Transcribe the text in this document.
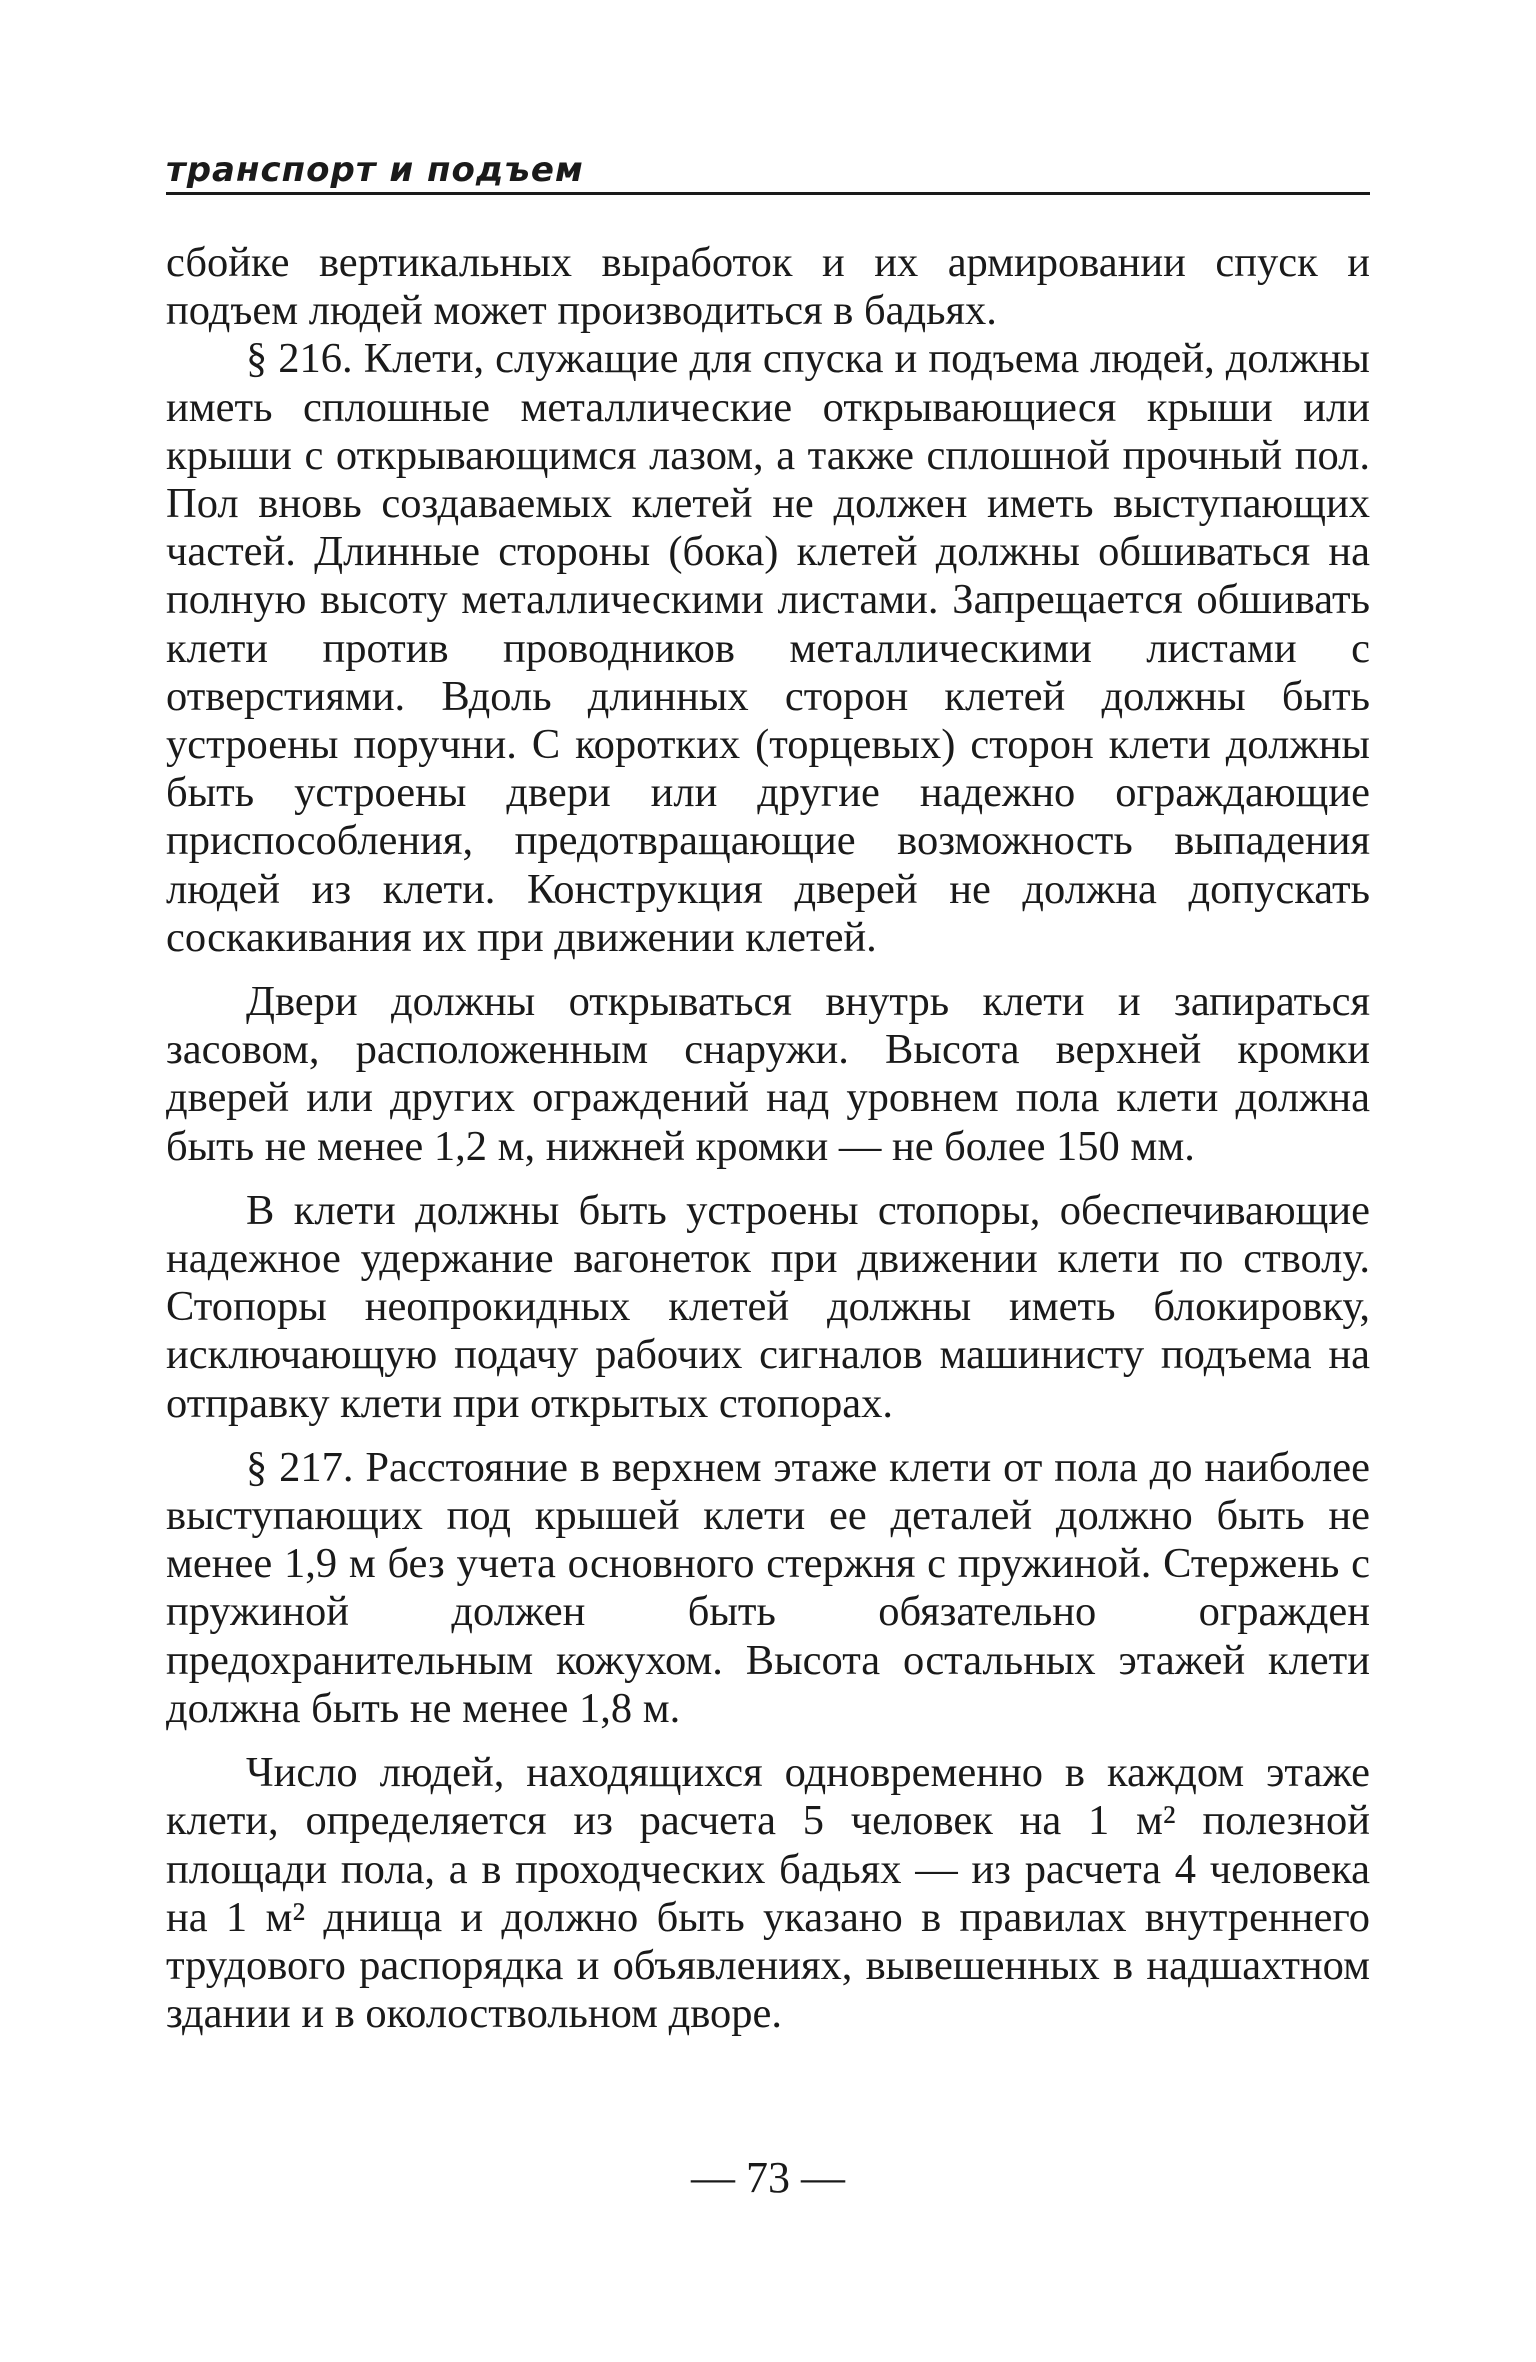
транспорт и подъем

сбойке вертикальных выработок и их армировании спуск и подъем людей может производиться в бадьях.

§ 216. Клети, служащие для спуска и подъема людей, должны иметь сплошные металлические открывающиеся крыши или крыши с открывающимся лазом, а также сплошной прочный пол. Пол вновь создаваемых клетей не должен иметь выступающих частей. Длинные стороны (бока) клетей должны обшиваться на полную высоту металлическими листами. Запрещается обшивать клети против проводников металлическими листами с отверстиями. Вдоль длинных сторон клетей должны быть устроены поручни. С коротких (торцевых) сторон клети должны быть устроены двери или другие надежно ограждающие приспособления, предотвращающие возможность выпадения людей из клети. Конструкция дверей не должна допускать соскакивания их при движении клетей.

Двери должны открываться внутрь клети и запираться засовом, расположенным снаружи. Высота верхней кромки дверей или других ограждений над уровнем пола клети должна быть не менее 1,2 м, нижней кромки — не более 150 мм.

В клети должны быть устроены стопоры, обеспечивающие надежное удержание вагонеток при движении клети по стволу. Стопоры неопрокидных клетей должны иметь блокировку, исключающую подачу рабочих сигналов машинисту подъема на отправку клети при открытых стопорах.

§ 217. Расстояние в верхнем этаже клети от пола до наиболее выступающих под крышей клети ее деталей должно быть не менее 1,9 м без учета основного стержня с пружиной. Стержень с пружиной должен быть обязательно огражден предохранительным кожухом. Высота остальных этажей клети должна быть не менее 1,8 м.

Число людей, находящихся одновременно в каждом этаже клети, определяется из расчета 5 человек на 1 м² полезной площади пола, а в проходческих бадьях — из расчета 4 человека на 1 м² днища и должно быть указано в правилах внутреннего трудового распорядка и объявлениях, вывешенных в надшахтном здании и в околоствольном дворе.

— 73 —
